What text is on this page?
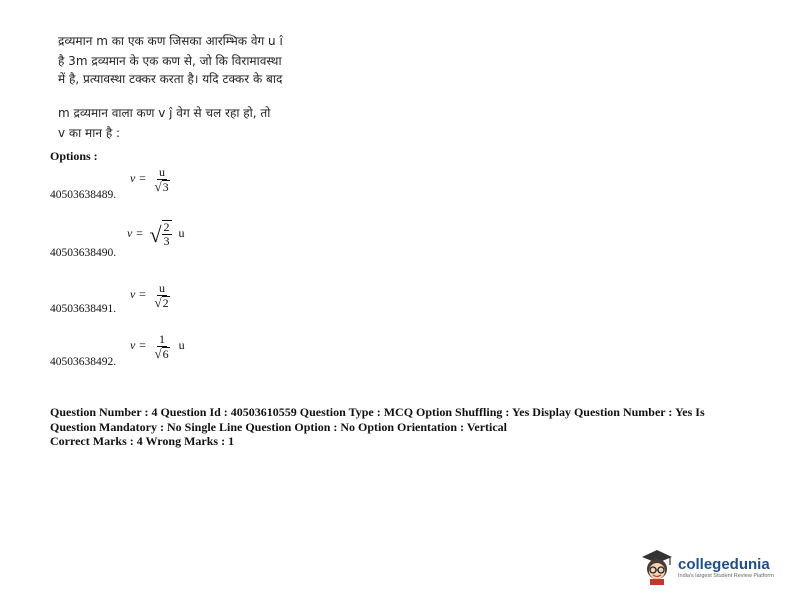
द्रव्यमान m का एक कण जिसका आरम्भिक वेग u î
है 3m द्रव्यमान के एक कण से, जो कि विरामावस्था
में है, प्रत्यावस्था टक्कर करता है। यदि टक्कर के बाद
m द्रव्यमान वाला कण v ĵ वेग से चल रहा हो, तो
v का मान है :
Options :
$v = \frac{u}{√ 3}$
40503638489.
v = √ $\frac{2}{3}$ u
40503638490.
$v = \frac{u}{√ 2}$
40503638491.
$v = \frac{1}{√ 6}$ u
40503638492.
Question Number : 4 Question Id : 40503610559 Question Type : MCQ Option Shuffling : Yes Display Question Number : Yes Is
Question Mandatory : No Single Line Question Option : No Option Orientation : Vertical
Correct Marks : 4 Wrong Marks : 1
collegedunia
India's largest Student Review Platform
